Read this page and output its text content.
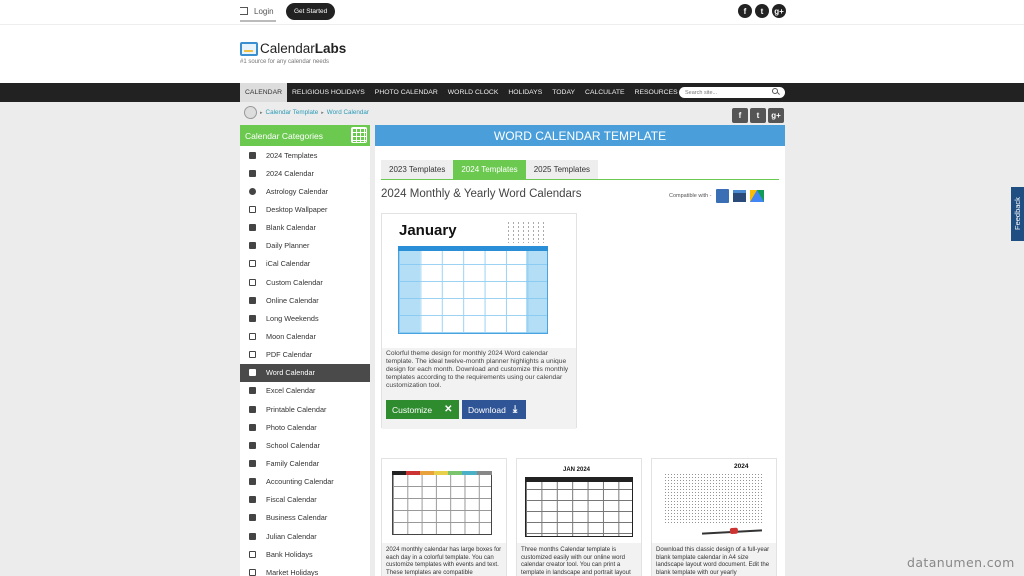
Login	Get Started	f	t	g+
CalendarLabs
#1 source for any calendar needs
CALENDAR	RELIGIOUS HOLIDAYS	PHOTO CALENDAR	WORLD CLOCK	HOLIDAYS	TODAY	CALCULATE	RESOURCES
Search site...
▸ Calendar Template ▸ Word Calendar	f	t	g+
Calendar Categories
2024 Templates
2024 Calendar
Astrology Calendar
Desktop Wallpaper
Blank Calendar
Daily Planner
iCal Calendar
Custom Calendar
Online Calendar
Long Weekends
Moon Calendar
PDF Calendar
Word Calendar
Excel Calendar
Printable Calendar
Photo Calendar
School Calendar
Family Calendar
Accounting Calendar
Fiscal Calendar
Business Calendar
Julian Calendar
Bank Holidays
Market Holidays
WORD CALENDAR TEMPLATE
2023 Templates	2024 Templates	2025 Templates
2024 Monthly & Yearly Word Calendars	Compatible with -
January
Colorful theme design for monthly 2024 Word calendar template. The ideal twelve-month planner highlights a unique design for each month. Download and customize this monthly templates according to the requirements using our calendar customization tool.
Customize ✕ Download ⤓
2024 monthly calendar has large boxes for each day in a colorful template. You can customize templates with events and text. These templates are compatible
JAN 2024
Three months Calendar template is customized easily with our online word calendar creator tool. You can print a template in landscape and portrait layout
2024
Download this classic design of a full-year blank template calendar in A4 size landscape layout word document. Edit the blank template with our yearly
Feedback
datanumen.com
